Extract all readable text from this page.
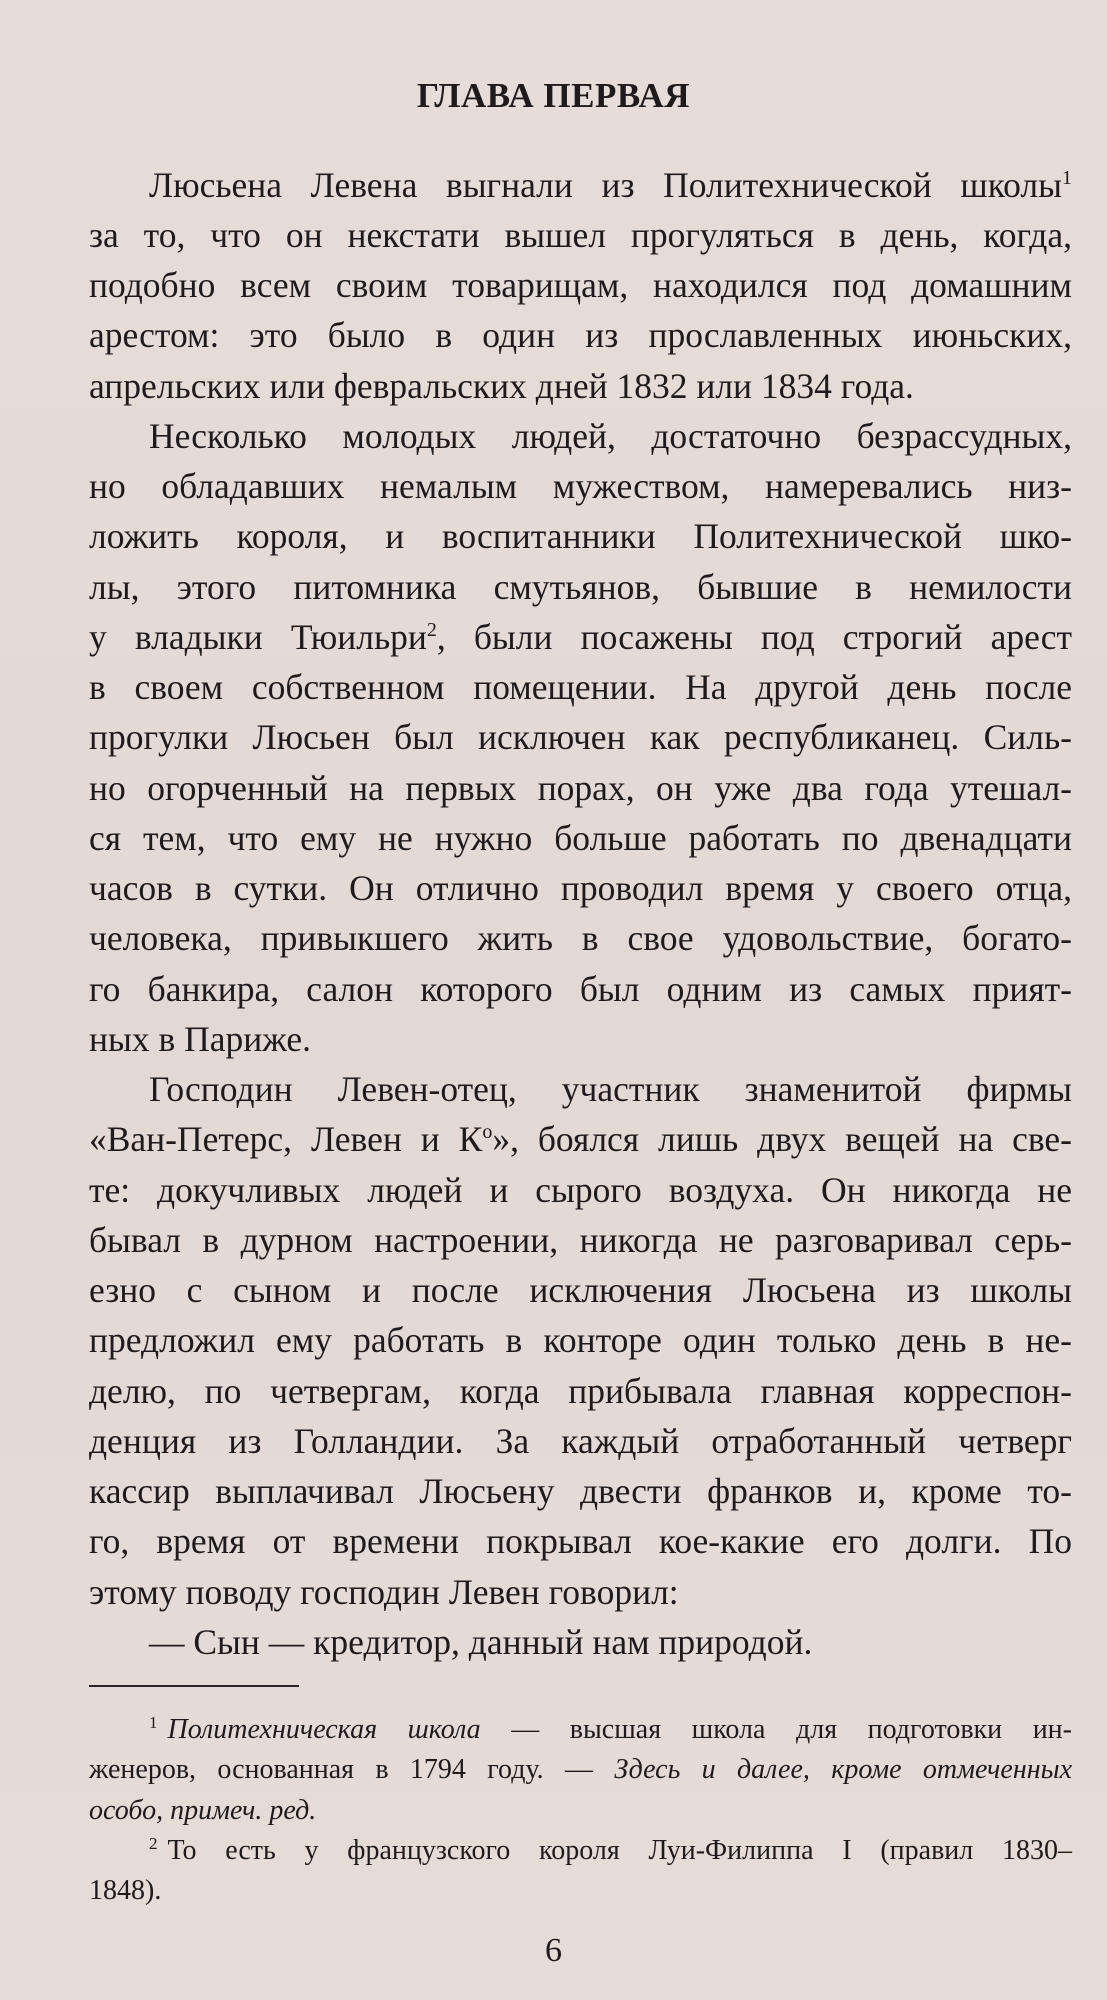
ГЛАВА ПЕРВАЯ
Люсьена Левена выгнали из Политехнической школы$^1$
за то, что он некстати вышел прогуляться в день, когда,
подобно всем своим товарищам, находился под домашним
арестом: это было в один из прославленных июньских,
апрельских или февральских дней 1832 или 1834 года.
Несколько молодых людей, достаточно безрассудных,
но обладавших немалым мужеством, намеревались низ-
ложить короля, и воспитанники Политехнической шко-
лы, этого питомника смутьянов, бывшие в немилости
у владыки Тюильри$^2$, были посажены под строгий арест
в своем собственном помещении. На другой день после
прогулки Люсьен был исключен как республиканец. Силь-
но огорченный на первых порах, он уже два года утешал-
ся тем, что ему не нужно больше работать по двенадцати
часов в сутки. Он отлично проводил время у своего отца,
человека, привыкшего жить в свое удовольствие, богато-
го банкира, салон которого был одним из самых прият-
ных в Париже.
Господин Левен-отец, участник знаменитой фирмы
«Ван-Петерс, Левен и $К^о$», боялся лишь двух вещей на све-
те: докучливых людей и сырого воздуха. Он никогда не
бывал в дурном настроении, никогда не разговаривал серь-
езно с сыном и после исключения Люсьена из школы
предложил ему работать в конторе один только день в не-
делю, по четвергам, когда прибывала главная корреспон-
денция из Голландии. За каждый отработанный четверг
кассир выплачивал Люсьену двести франков и, кроме то-
го, время от времени покрывал кое-какие его долги. По
этому поводу господин Левен говорил:
— Сын — кредитор, данный нам природой.
$^1$ Политехническая школа — высшая школа для подготовки ин-
женеров, основанная в 1794 году. — Здесь и далее, кроме отмеченных
особо, примеч. ред.
$^2$ То есть у французского короля Луи-Филиппа I (правил 1830–
1848).
6
